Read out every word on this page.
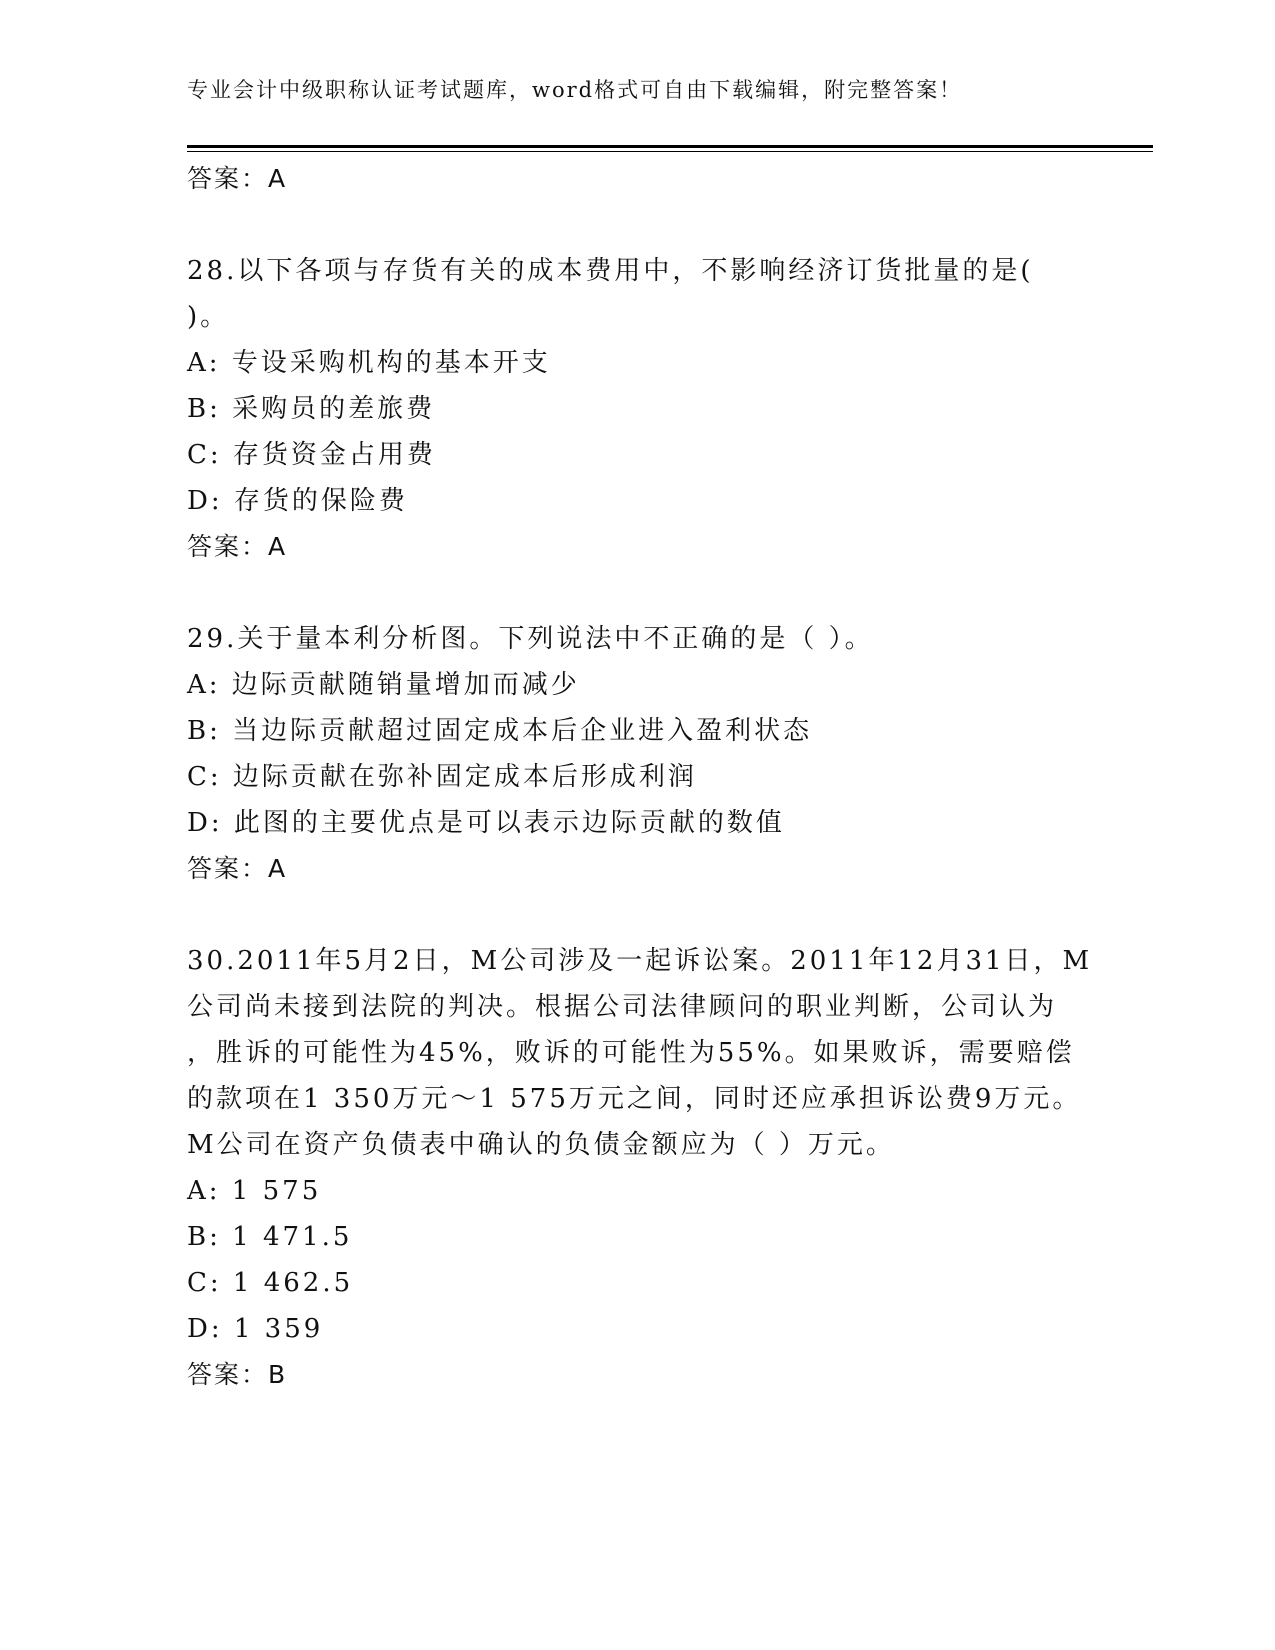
专业会计中级职称认证考试题库，word格式可自由下载编辑，附完整答案！
答案：A
28.以下各项与存货有关的成本费用中，不影响经济订货批量的是(
)。
A: 专设采购机构的基本开支
B: 采购员的差旅费
C: 存货资金占用费
D: 存货的保险费
答案：A
29.关于量本利分析图。下列说法中不正确的是（ ）。
A: 边际贡献随销量增加而减少
B: 当边际贡献超过固定成本后企业进入盈利状态
C: 边际贡献在弥补固定成本后形成利润
D: 此图的主要优点是可以表示边际贡献的数值
答案：A
30.2011年5月2日，M公司涉及一起诉讼案。2011年12月31日，M
公司尚未接到法院的判决。根据公司法律顾问的职业判断，公司认为
，胜诉的可能性为45%，败诉的可能性为55%。如果败诉，需要赔偿
的款项在1 350万元～1 575万元之间，同时还应承担诉讼费9万元。
M公司在资产负债表中确认的负债金额应为（ ）万元。
A: 1 575
B: 1 471.5
C: 1 462.5
D: 1 359
答案：B
